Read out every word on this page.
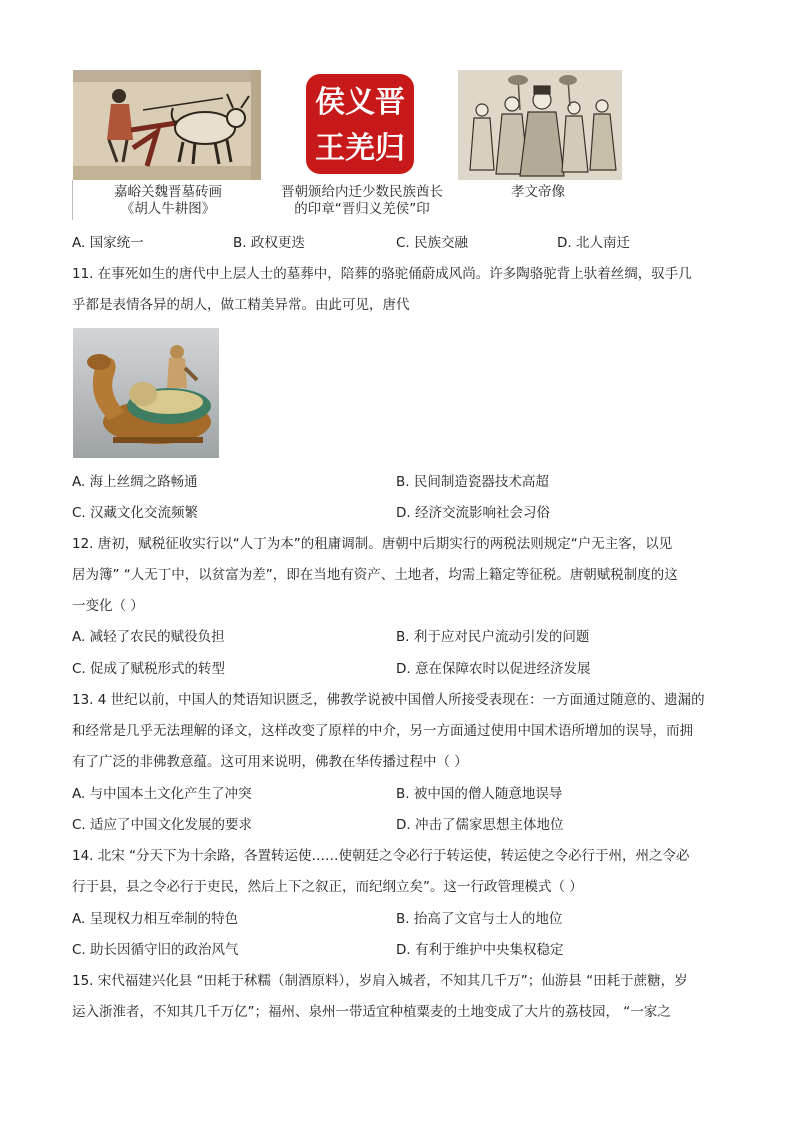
嘉峪关魏晋墓砖画
《胡人牛耕图》
晋
归
义
羌
侯
王
晋朝颁给内迁少数民族酋长
的印章“晋归义羌侯”印
孝文帝像
A. 国家统一	B. 政权更迭	C. 民族交融	D. 北人南迁
11. 在事死如生的唐代中上层人士的墓葬中，陪葬的骆驼俑蔚成风尚。许多陶骆驼背上驮着丝绸，驭手几
乎都是表情各异的胡人，做工精美异常。由此可见，唐代
A. 海上丝绸之路畅通	B. 民间制造瓷器技术高超
C. 汉藏文化交流频繁	D. 经济交流影响社会习俗
12. 唐初，赋税征收实行以“人丁为本”的租庸调制。唐朝中后期实行的两税法则规定“户无主客，以见
居为簿” “人无丁中，以贫富为差”，即在当地有资产、土地者，均需上籍定等征税。唐朝赋税制度的这
一变化（ ）
A. 减轻了农民的赋役负担	B. 利于应对民户流动引发的问题
C. 促成了赋税形式的转型	D. 意在保障农时以促进经济发展
13. 4 世纪以前，中国人的梵语知识匮乏，佛教学说被中国僧人所接受表现在：一方面通过随意的、遗漏的
和经常是几乎无法理解的译文，这样改变了原样的中介，另一方面通过使用中国术语所增加的误导，而拥
有了广泛的非佛教意蕴。这可用来说明，佛教在华传播过程中（ ）
A. 与中国本土文化产生了冲突	B. 被中国的僧人随意地误导
C. 适应了中国文化发展的要求	D. 冲击了儒家思想主体地位
14. 北宋 “分天下为十余路，各置转运使……使朝廷之令必行于转运使，转运使之令必行于州，州之令必
行于县，县之令必行于吏民，然后上下之叙正，而纪纲立矣”。这一行政管理模式（ ）
A. 呈现权力相互牵制的特色	B. 抬高了文官与士人的地位
C. 助长因循守旧的政治风气	D. 有利于维护中央集权稳定
15. 宋代福建兴化县 “田耗于秫糯（制酒原料），岁肩入城者，不知其几千万”；仙游县 “田耗于蔗糖，岁
运入浙淮者，不知其几千万亿”；福州、泉州一带适宜种植粟麦的土地变成了大片的荔枝园， “一家之
